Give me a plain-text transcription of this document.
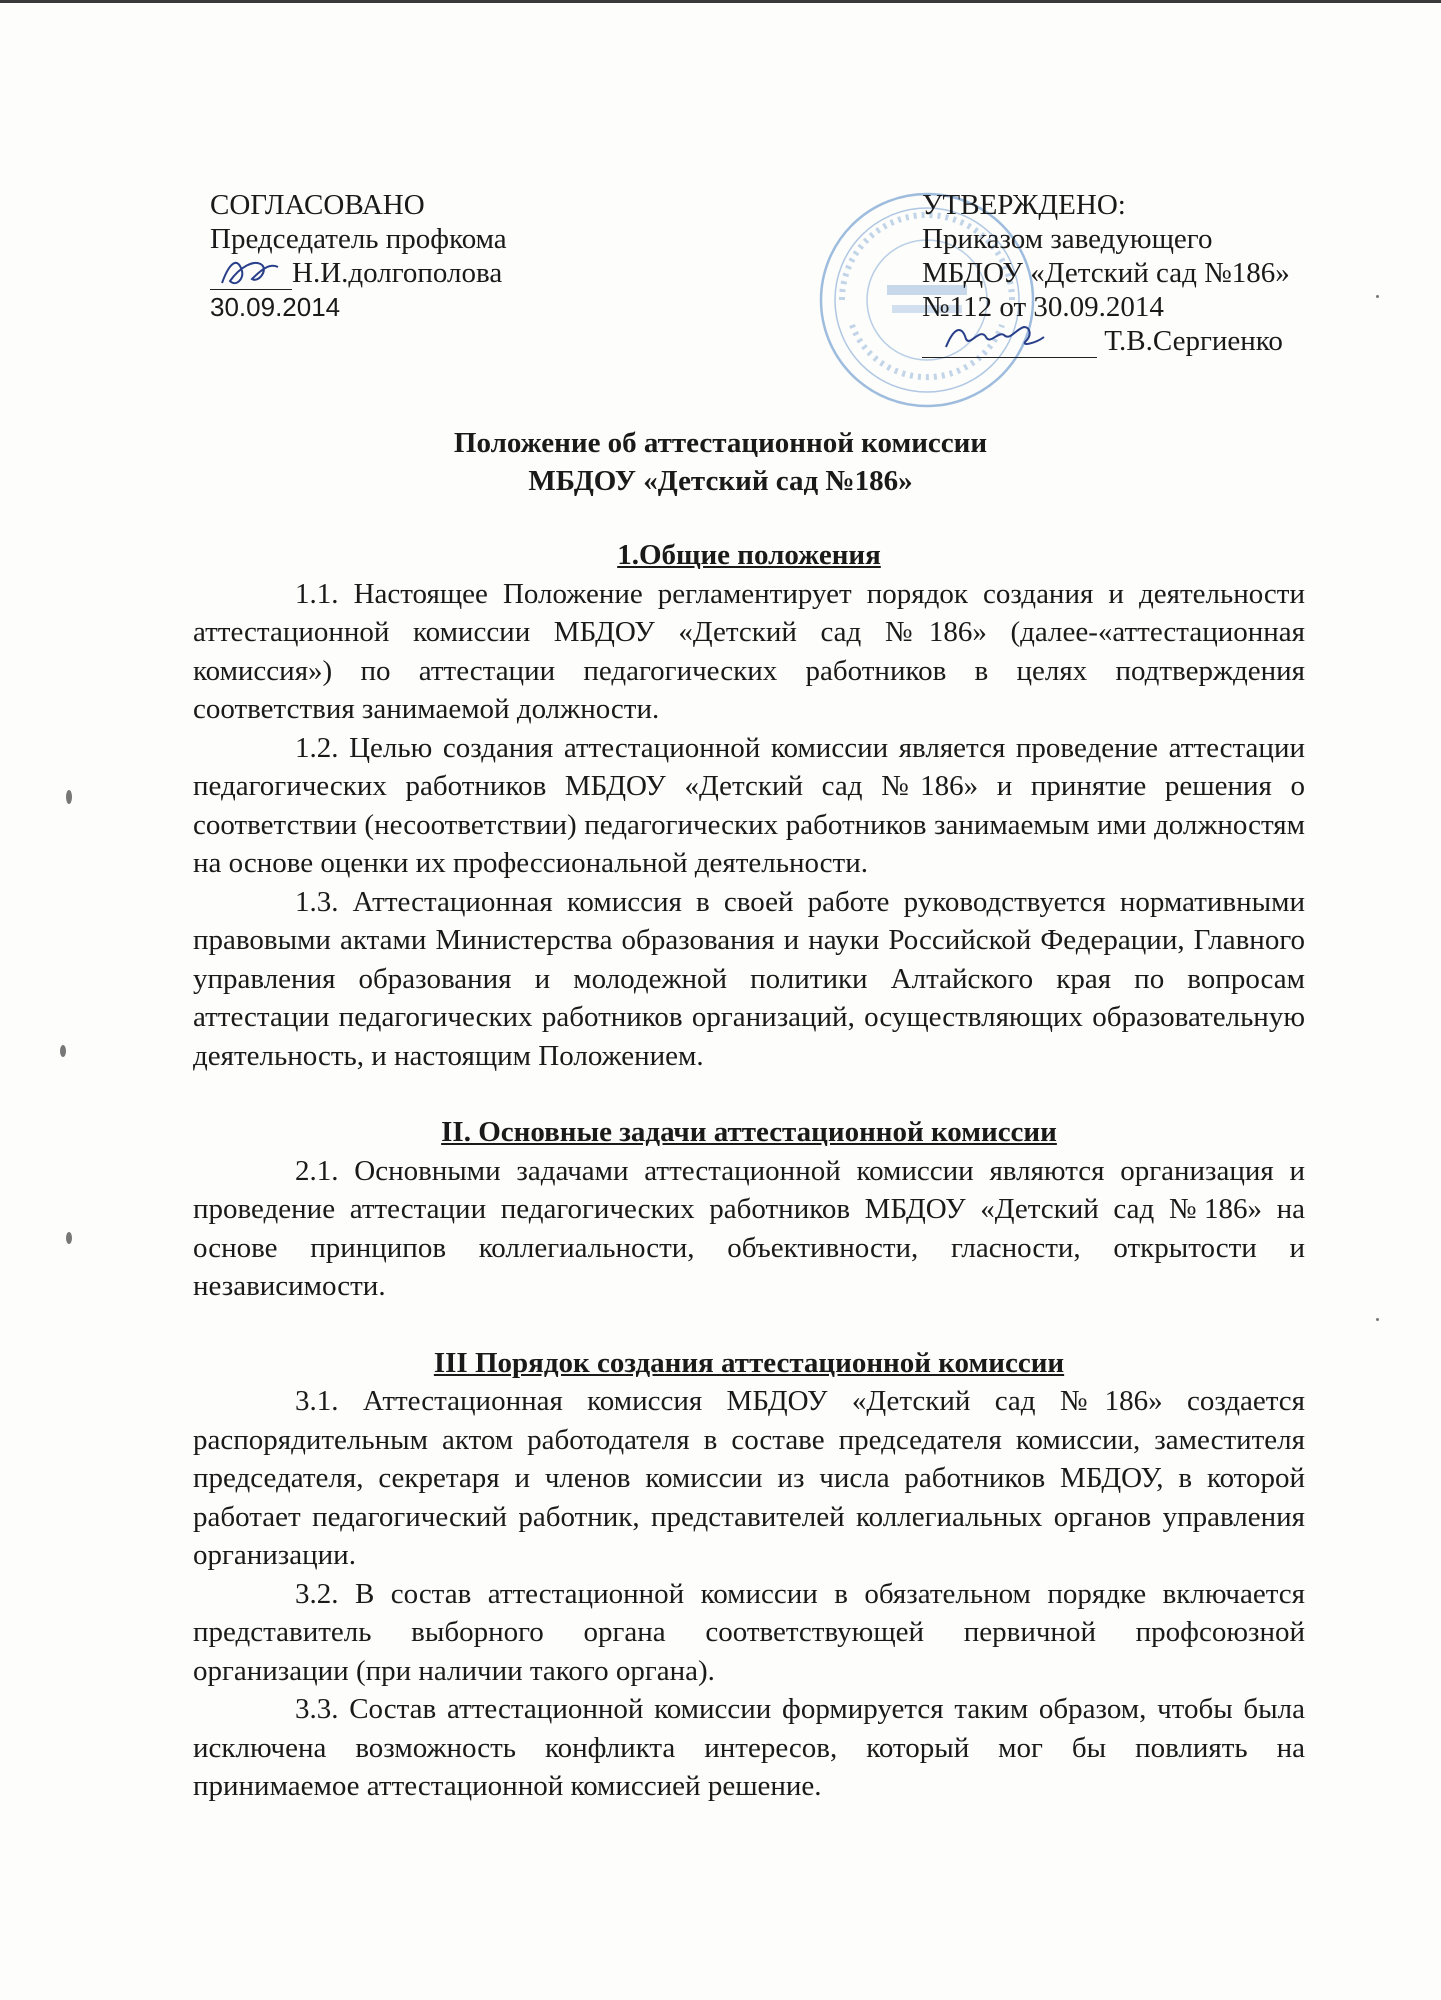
СОГЛАСОВАНО
Председатель профкома
Н.И.долгополова
30.09.2014
УТВЕРЖДЕНО:
Приказом заведующего
МБДОУ «Детский сад №186»
№112 от 30.09.2014
Т.В.Сергиенко
Положение об аттестационной комиссии
МБДОУ «Детский сад №186»

1.Общие положения

1.1. Настоящее Положение регламентирует порядок создания и деятельности аттестационной комиссии МБДОУ «Детский сад №186» (далее-«аттестационная комиссия») по аттестации педагогических работников в целях подтверждения соответствия занимаемой должности.

1.2. Целью создания аттестационной комиссии является проведение аттестации педагогических работников МБДОУ «Детский сад №186» и принятие решения о соответствии (несоответствии) педагогических работников занимаемым ими должностям на основе оценки их профессиональной деятельности.

1.3. Аттестационная комиссия в своей работе руководствуется нормативными правовыми актами Министерства образования и науки Российской Федерации, Главного управления образования и молодежной политики Алтайского края по вопросам аттестации педагогических работников организаций, осуществляющих образовательную деятельность, и настоящим Положением.

II. Основные задачи аттестационной комиссии

2.1. Основными задачами аттестационной комиссии являются организация и проведение аттестации педагогических работников МБДОУ «Детский сад №186» на основе принципов коллегиальности, объективности, гласности, открытости и независимости.

III Порядок создания аттестационной комиссии

3.1. Аттестационная комиссия МБДОУ «Детский сад №186» создается распорядительным актом работодателя в составе председателя комиссии, заместителя председателя, секретаря и членов комиссии из числа работников МБДОУ, в которой работает педагогический работник, представителей коллегиальных органов управления организации.

3.2. В состав аттестационной комиссии в обязательном порядке включается представитель выборного органа соответствующей первичной профсоюзной организации (при наличии такого органа).

3.3. Состав аттестационной комиссии формируется таким образом, чтобы была исключена возможность конфликта интересов, который мог бы повлиять на принимаемое аттестационной комиссией решение.
